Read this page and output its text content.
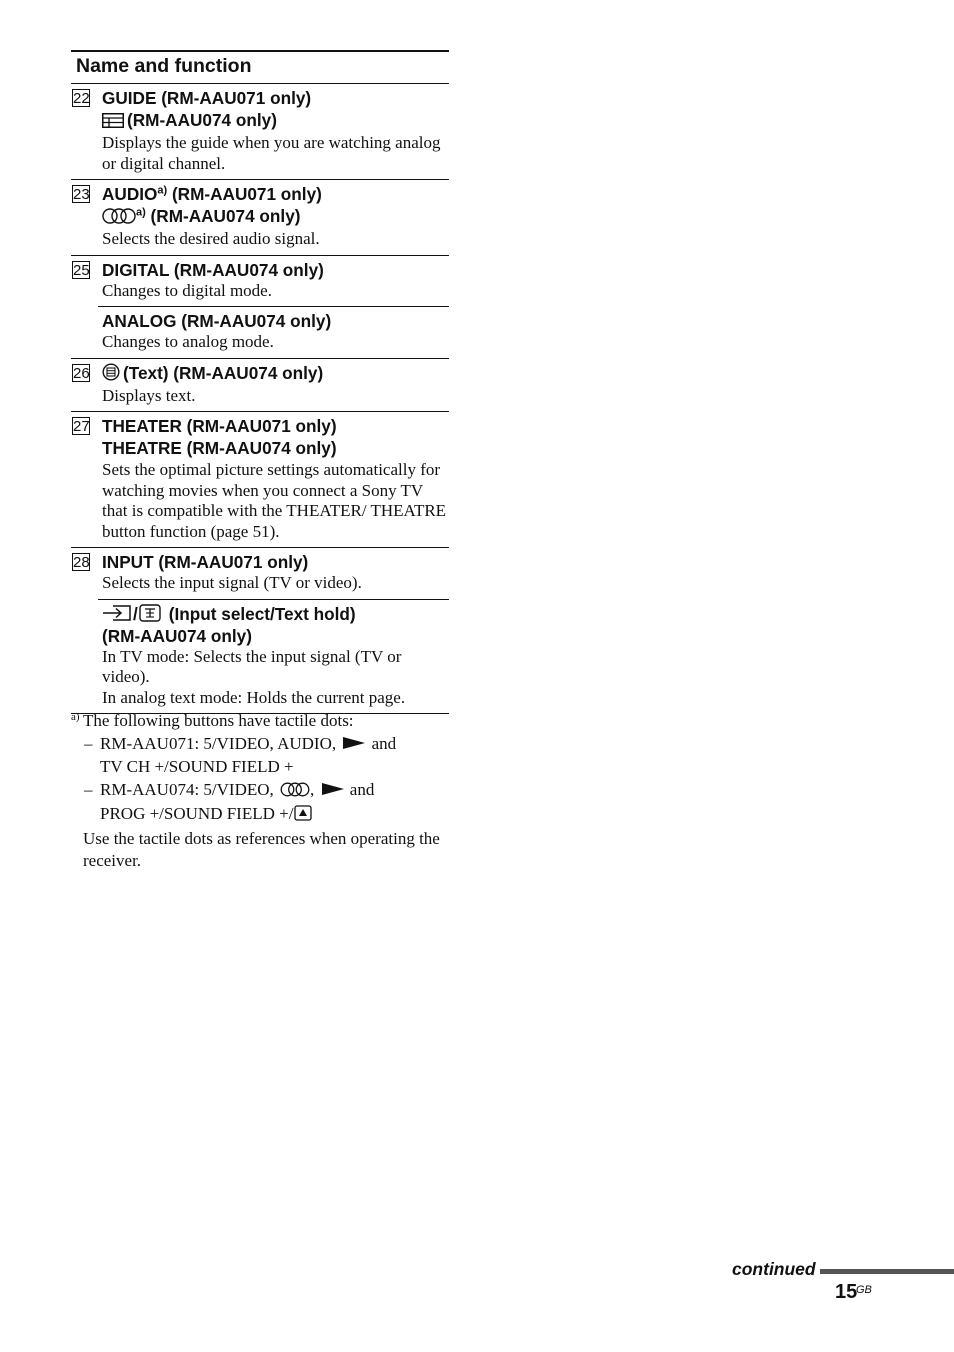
Name and function
22 GUIDE (RM-AAU071 only)
(RM-AAU074 only)
Displays the guide when you are watching analog or digital channel.
23 AUDIO$^{a)}$ (RM-AAU071 only)
$^{a)}$ (RM-AAU074 only)
Selects the desired audio signal.
25 DIGITAL (RM-AAU074 only)
Changes to digital mode.
ANALOG (RM-AAU074 only)
Changes to analog mode.
26	(Text) (RM-AAU074 only)
Displays text.
27 THEATER (RM-AAU071 only)
THEATRE (RM-AAU074 only)
Sets the optimal picture settings automatically for watching movies when you connect a Sony TV that is compatible with the THEATER/ THEATRE button function (page 51).
28 INPUT (RM-AAU071 only)
Selects the input signal (TV or video).
/ (Input select/Text hold)
(RM-AAU074 only)
In TV mode: Selects the input signal (TV or video).
In analog text mode: Holds the current page.
a) The following buttons have tactile dots:
– RM-AAU071: 5/VIDEO, AUDIO, and
TV CH +/SOUND FIELD +
– RM-AAU074: 5/VIDEO, , and
PROG +/SOUND FIELD +/
Use the tactile dots as references when operating the receiver.
continued
15
GB
